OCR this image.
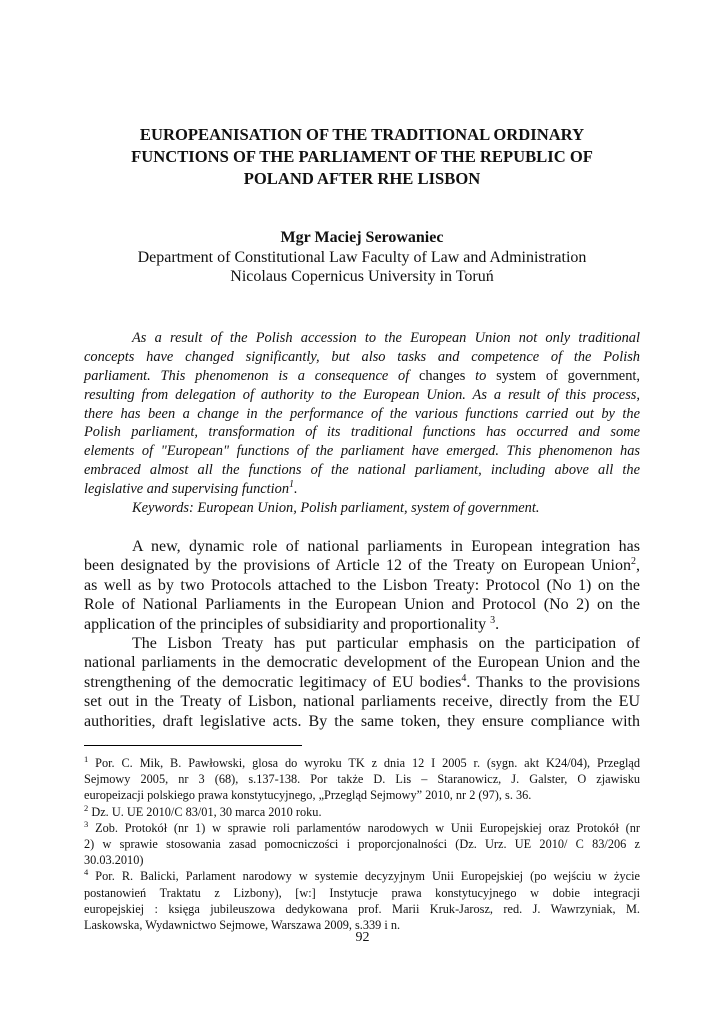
EUROPEANISATION OF THE TRADITIONAL ORDINARY
FUNCTIONS OF THE PARLIAMENT OF THE REPUBLIC OF
POLAND AFTER RHE LISBON
Mgr Maciej Serowaniec
Department of Constitutional Law Faculty of Law and Administration
Nicolaus Copernicus University in Toruń
As a result of the Polish accession to the European Union not only traditional
concepts have changed significantly, but also tasks and competence of the Polish
parliament. This phenomenon is a consequence of changes to system of government,
resulting from delegation of authority to the European Union. As a result of this process,
there has been a change in the performance of the various functions carried out by the
Polish parliament, transformation of its traditional functions has occurred and some
elements of "European" functions of the parliament have emerged. This phenomenon has
embraced almost all the functions of the national parliament, including above all the
legislative and supervising function$^1$.
Keywords: European Union, Polish parliament, system of government.
A new, dynamic role of national parliaments in European integration has
been designated by the provisions of Article 12 of the Treaty on European Union$^2$,
as well as by two Protocols attached to the Lisbon Treaty: Protocol (No 1) on the
Role of National Parliaments in the European Union and Protocol (No 2) on the
application of the principles of subsidiarity and proportionality $^3$.
The Lisbon Treaty has put particular emphasis on the participation of
national parliaments in the democratic development of the European Union and the
strengthening of the democratic legitimacy of EU bodies$^4$. Thanks to the provisions
set out in the Treaty of Lisbon, national parliaments receive, directly from the EU
authorities, draft legislative acts. By the same token, they ensure compliance with
$^1$ Por. C. Mik, B. Pawłowski, glosa do wyroku TK z dnia 12 I 2005 r. (sygn. akt K24/04), Przegląd
Sejmowy 2005, nr 3 (68), s.137-138. Por także D. Lis – Staranowicz, J. Galster, O zjawisku
europeizacji polskiego prawa konstytucyjnego, „Przegląd Sejmowy” 2010, nr 2 (97), s. 36.
$^2$ Dz. U. UE 2010/C 83/01, 30 marca 2010 roku.
$^3$ Zob. Protokół (nr 1) w sprawie roli parlamentów narodowych w Unii Europejskiej oraz Protokół (nr
2) w sprawie stosowania zasad pomocniczości i proporcjonalności (Dz. Urz. UE 2010/ C 83/206 z
30.03.2010)
$^4$ Por. R. Balicki, Parlament narodowy w systemie decyzyjnym Unii Europejskiej (po wejściu w życie
postanowień Traktatu z Lizbony), [w:] Instytucje prawa konstytucyjnego w dobie integracji
europejskiej : księga jubileuszowa dedykowana prof. Marii Kruk-Jarosz, red. J. Wawrzyniak, M.
Laskowska, Wydawnictwo Sejmowe, Warszawa 2009, s.339 i n.
92
